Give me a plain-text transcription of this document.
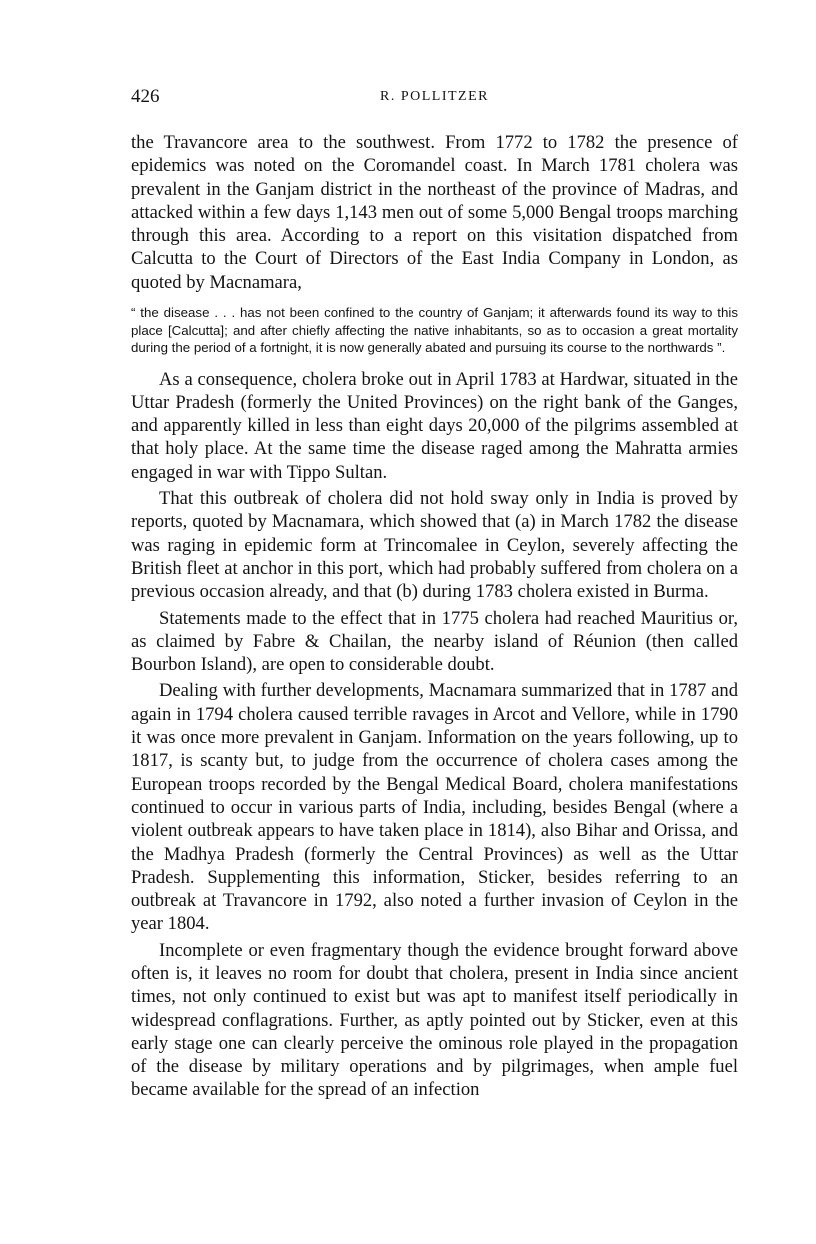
426	R. POLLITZER

the Travancore area to the southwest. From 1772 to 1782 the presence of epidemics was noted on the Coromandel coast. In March 1781 cholera was prevalent in the Ganjam district in the northeast of the province of Madras, and attacked within a few days 1,143 men out of some 5,000 Bengal troops marching through this area. According to a report on this visitation dispatched from Calcutta to the Court of Directors of the East India Company in London, as quoted by Macnamara,

“ the disease . . . has not been confined to the country of Ganjam; it afterwards found its way to this place [Calcutta]; and after chiefly affecting the native inhabitants, so as to occasion a great mortality during the period of a fortnight, it is now generally abated and pursuing its course to the northwards ”.

As a consequence, cholera broke out in April 1783 at Hardwar, situated in the Uttar Pradesh (formerly the United Provinces) on the right bank of the Ganges, and apparently killed in less than eight days 20,000 of the pilgrims assembled at that holy place. At the same time the disease raged among the Mahratta armies engaged in war with Tippo Sultan.

That this outbreak of cholera did not hold sway only in India is proved by reports, quoted by Macnamara, which showed that (a) in March 1782 the disease was raging in epidemic form at Trincomalee in Ceylon, severely affecting the British fleet at anchor in this port, which had probably suffered from cholera on a previous occasion already, and that (b) during 1783 cholera existed in Burma.

Statements made to the effect that in 1775 cholera had reached Mauritius or, as claimed by Fabre & Chailan, the nearby island of Réunion (then called Bourbon Island), are open to considerable doubt.

Dealing with further developments, Macnamara summarized that in 1787 and again in 1794 cholera caused terrible ravages in Arcot and Vellore, while in 1790 it was once more prevalent in Ganjam. Information on the years following, up to 1817, is scanty but, to judge from the occurrence of cholera cases among the European troops recorded by the Bengal Medical Board, cholera manifestations continued to occur in various parts of India, including, besides Bengal (where a violent outbreak appears to have taken place in 1814), also Bihar and Orissa, and the Madhya Pradesh (formerly the Central Provinces) as well as the Uttar Pradesh. Supplementing this information, Sticker, besides referring to an outbreak at Travancore in 1792, also noted a further invasion of Ceylon in the year 1804.

Incomplete or even fragmentary though the evidence brought forward above often is, it leaves no room for doubt that cholera, present in India since ancient times, not only continued to exist but was apt to manifest itself periodically in widespread conflagrations. Further, as aptly pointed out by Sticker, even at this early stage one can clearly perceive the ominous role played in the propagation of the disease by military operations and by pilgrimages, when ample fuel became available for the spread of an infection
